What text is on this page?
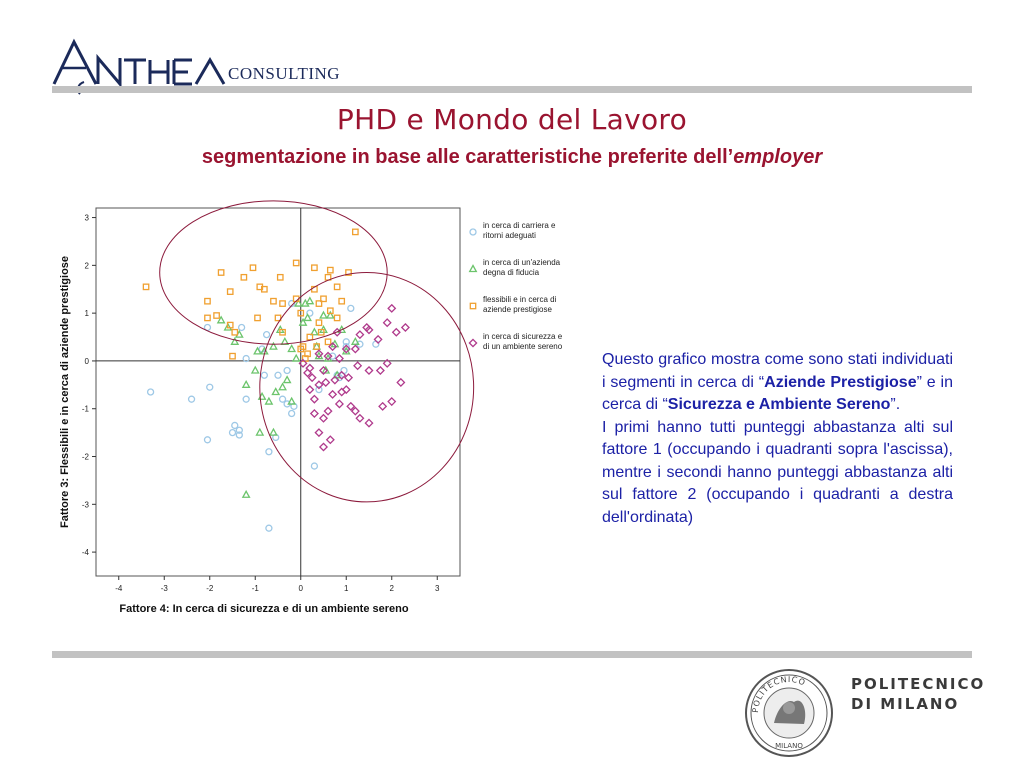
CONSULTING
PHD e Mondo del Lavoro
segmentazione in base alle caratteristiche preferite dell’employer
-4	-3	-2	-1	0	1	2	3
3
2
1
0
-1
-2
-3
-4
Fattore 4: In cerca di sicurezza e di un ambiente sereno
Fattore 3: Flessibili e in cerca di aziende prestigiose
in cerca di carriera e
ritorni adeguati
in cerca di un'azienda
degna di fiducia
flessibili e in cerca di
aziende prestigiose
in cerca di sicurezza e
di un ambiente sereno

Questo grafico mostra come sono stati individuati i segmenti in cerca di “Aziende Prestigiose” e in cerca di “Sicurezza e Ambiente Sereno”.

I primi hanno tutti punteggi abbastanza alti sul fattore 1 (occupando i quadranti sopra l'ascissa), mentre i secondi hanno punteggi abbastanza alti sul fattore 2 (occupando i quadranti a destra dell'ordinata)

POLITECNICO
MILANO
POLITECNICO
DI MILANO
